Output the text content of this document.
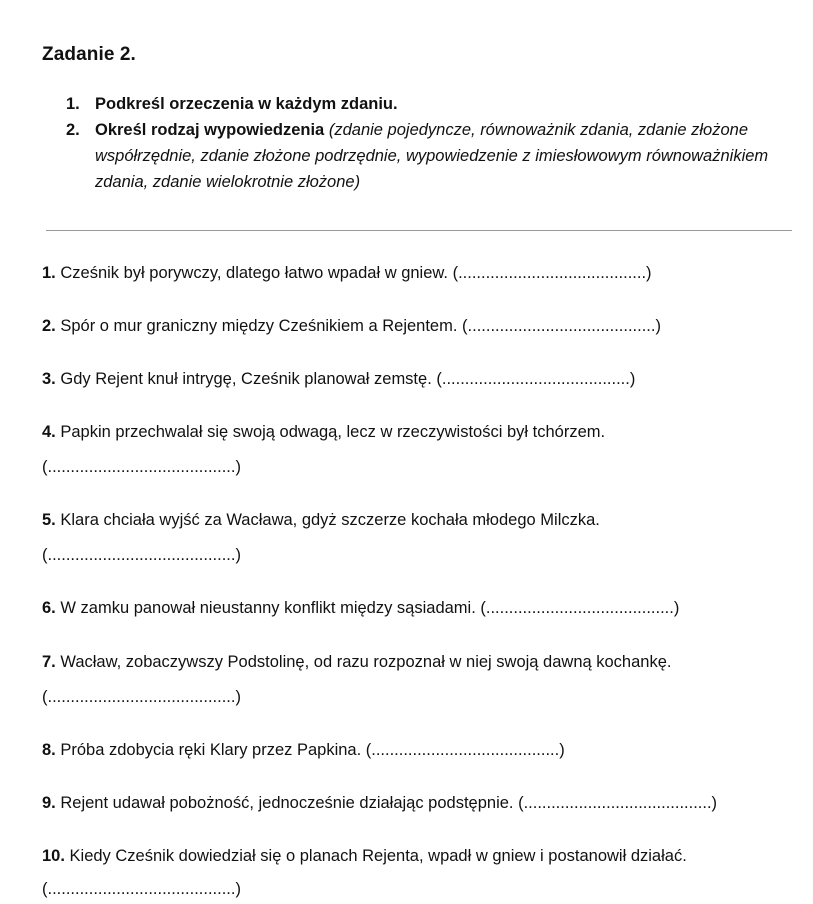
Zadanie 2.
1. Podkreśl orzeczenia w każdym zdaniu.
2. Określ rodzaj wypowiedzenia (zdanie pojedyncze, równoważnik zdania, zdanie złożone współrzędnie, zdanie złożone podrzędnie, wypowiedzenie z imiesłowowym równoważnikiem zdania, zdanie wielokrotnie złożone)
1. Cześnik był porywczy, dlatego łatwo wpadał w gniew. (.........................................)
2. Spór o mur graniczny między Cześnikiem a Rejentem. (.........................................)
3. Gdy Rejent knuł intrygę, Cześnik planował zemstę. (.........................................)
4. Papkin przechwalał się swoją odwagą, lecz w rzeczywistości był tchórzem.
(.........................................)
5. Klara chciała wyjść za Wacława, gdyż szczerze kochała młodego Milczka.
(.........................................)
6. W zamku panował nieustanny konflikt między sąsiadami. (.........................................)
7. Wacław, zobaczywszy Podstolinę, od razu rozpoznał w niej swoją dawną kochankę.
(.........................................)
8. Próba zdobycia ręki Klary przez Papkina. (.........................................)
9. Rejent udawał pobożność, jednocześnie działając podstępnie. (.........................................)
10. Kiedy Cześnik dowiedział się o planach Rejenta, wpadł w gniew i postanowił działać.
(.........................................)
